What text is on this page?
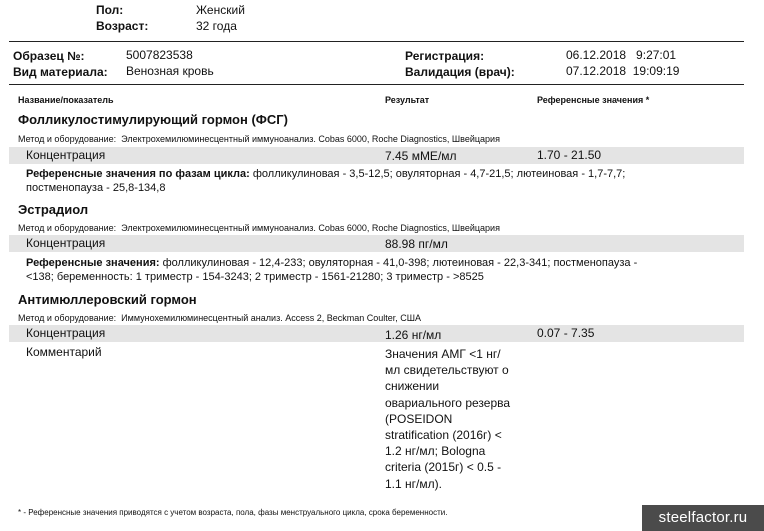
Пол:	Женский
Возраст:	32 года
Образец №:	5007823538
Вид материала: Венозная кровь
Регистрация:	06.12.2018   9:27:01
Валидация (врач):	07.12.2018  19:09:19
Название/показатель	Результат	Референсные значения *
Фолликулостимулирующий гормон (ФСГ)
Метод и оборудование: Электрохемилюминесцентный иммуноанализ. Cobas 6000, Roche Diagnostics, Швейцария
Концентрация	7.45 мМЕ/мл	1.70 - 21.50
Референсные значения по фазам цикла: фолликулиновая - 3,5-12,5; овуляторная - 4,7-21,5; лютеиновая - 1,7-7,7; постменопауза - 25,8-134,8
Эстрадиол
Метод и оборудование: Электрохемилюминесцентный иммуноанализ. Cobas 6000, Roche Diagnostics, Швейцария
Концентрация	88.98 пг/мл
Референсные значения: фолликулиновая - 12,4-233; овуляторная - 41,0-398; лютеиновая - 22,3-341; постменопауза - <138; беременность: 1 триместр - 154-3243; 2 триместр - 1561-21280; 3 триместр - >8525
Антимюллеровский гормон
Метод и оборудование: Иммунохемилюминесцентный анализ. Access 2, Beckman Coulter, США
Концентрация	1.26 нг/мл	0.07 - 7.35
Комментарий	Значения АМГ <1 нг/мл свидетельствуют о снижении овариального резерва (POSEIDON stratification (2016г) < 1.2 нг/мл; Bologna criteria (2015г) < 0.5 - 1.1 нг/мл).
* - Референсные значения приводятся с учетом возраста, пола, фазы менструального цикла, срока беременности.	steelfactor.ru
